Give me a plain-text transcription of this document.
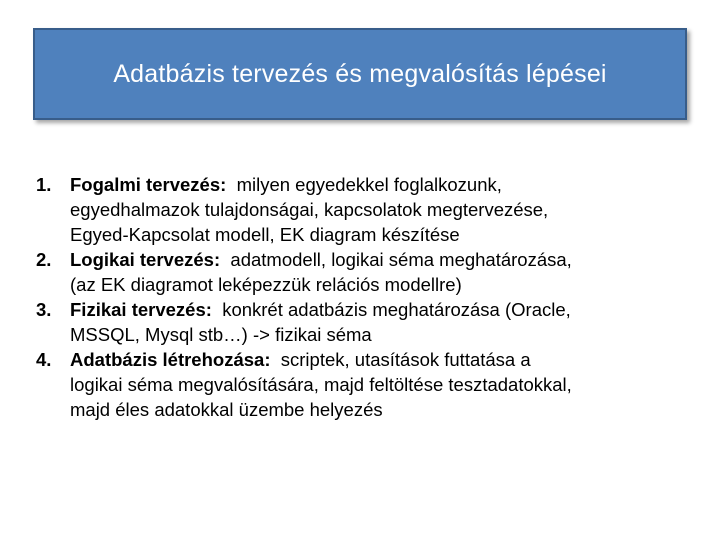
Adatbázis tervezés és megvalósítás lépései
1. Fogalmi tervezés: milyen egyedekkel foglalkozunk,
egyedhalmazok tulajdonságai, kapcsolatok megtervezése,
Egyed-Kapcsolat modell, EK diagram készítése
2. Logikai tervezés: adatmodell, logikai séma meghatározása,
(az EK diagramot leképezzük relációs modellre)
3. Fizikai tervezés: konkrét adatbázis meghatározása (Oracle,
MSSQL, Mysql stb…) -> fizikai séma
4. Adatbázis létrehozása: scriptek, utasítások futtatása a
logikai séma megvalósítására, majd feltöltése tesztadatokkal,
majd éles adatokkal üzembe helyezés
